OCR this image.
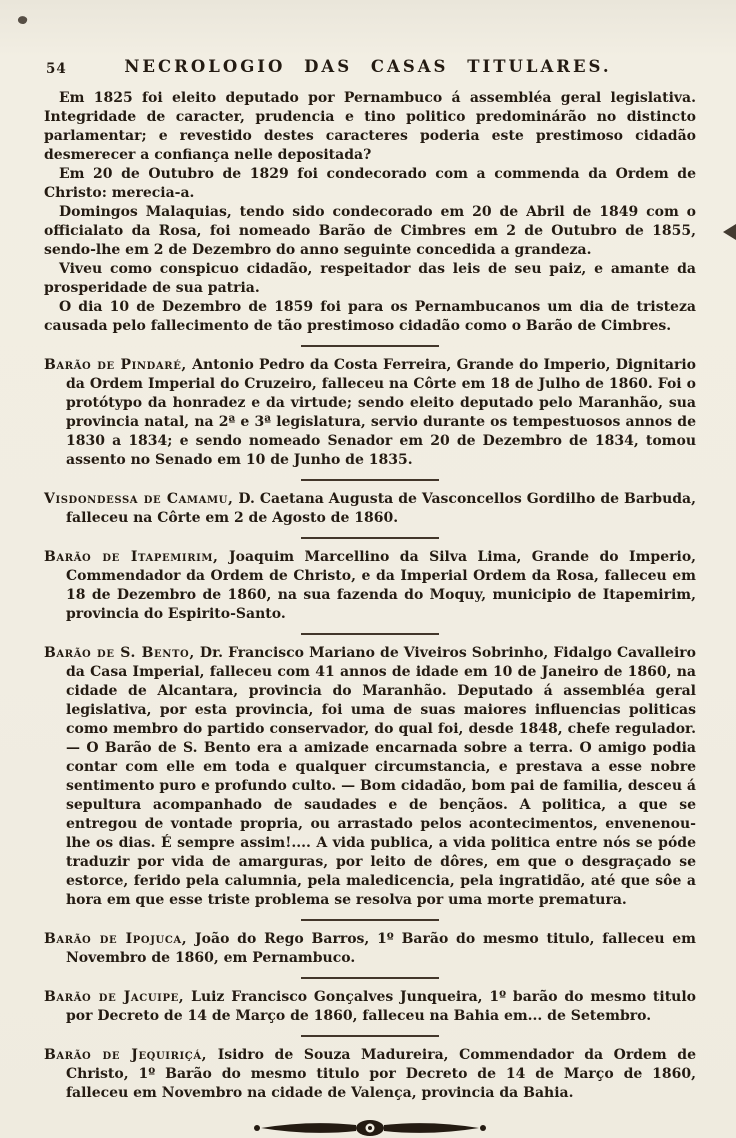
54	NECROLOGIO DAS CASAS TITULARES.

Em 1825 foi eleito deputado por Pernambuco á assembléa geral legislativa. Integridade de caracter, prudencia e tino politico predominárão no distincto parlamentar; e revestido destes caracteres poderia este prestimoso cidadão desmerecer a confiança nelle depositada?

Em 20 de Outubro de 1829 foi condecorado com a commenda da Ordem de Christo: merecia-a.

Domingos Malaquias, tendo sido condecorado em 20 de Abril de 1849 com o officialato da Rosa, foi nomeado Barão de Cimbres em 2 de Outubro de 1855, sendo-lhe em 2 de Dezembro do anno seguinte concedida a grandeza.

Viveu como conspicuo cidadão, respeitador das leis de seu paiz, e amante da prosperidade de sua patria.

O dia 10 de Dezembro de 1859 foi para os Pernambucanos um dia de tristeza causada pelo fallecimento de tão prestimoso cidadão como o Barão de Cimbres.

Barão de Pindaré, Antonio Pedro da Costa Ferreira, Grande do Imperio, Dignitario da Ordem Imperial do Cruzeiro, falleceu na Côrte em 18 de Julho de 1860. Foi o protótypo da honradez e da virtude; sendo eleito deputado pelo Maranhão, sua provincia natal, na 2ª e 3ª legislatura, servio durante os tempestuosos annos de 1830 a 1834; e sendo nomeado Senador em 20 de Dezembro de 1834, tomou assento no Senado em 10 de Junho de 1835.

Visdondessa de Camamu, D. Caetana Augusta de Vasconcellos Gordilho de Barbuda, falleceu na Côrte em 2 de Agosto de 1860.

Barão de Itapemirim, Joaquim Marcellino da Silva Lima, Grande do Imperio, Commendador da Ordem de Christo, e da Imperial Ordem da Rosa, falleceu em 18 de Dezembro de 1860, na sua fazenda do Moquy, municipio de Itapemirim, provincia do Espirito-Santo.

Barão de S. Bento, Dr. Francisco Mariano de Viveiros Sobrinho, Fidalgo Cavalleiro da Casa Imperial, falleceu com 41 annos de idade em 10 de Janeiro de 1860, na cidade de Alcantara, provincia do Maranhão. Deputado á assembléa geral legislativa, por esta provincia, foi uma de suas maiores influencias politicas como membro do partido conservador, do qual foi, desde 1848, chefe regulador. — O Barão de S. Bento era a amizade encarnada sobre a terra. O amigo podia contar com elle em toda e qualquer circumstancia, e prestava a esse nobre sentimento puro e profundo culto. — Bom cidadão, bom pai de familia, desceu á sepultura acompanhado de saudades e de bençãos. A politica, a que se entregou de vontade propria, ou arrastado pelos acontecimentos, envenenou-lhe os dias. É sempre assim!.... A vida publica, a vida politica entre nós se póde traduzir por vida de amarguras, por leito de dôres, em que o desgraçado se estorce, ferido pela calumnia, pela maledicencia, pela ingratidão, até que sôe a hora em que esse triste problema se resolva por uma morte prematura.

Barão de Ipojuca, João do Rego Barros, 1º Barão do mesmo titulo, falleceu em Novembro de 1860, em Pernambuco.

Barão de Jacuipe, Luiz Francisco Gonçalves Junqueira, 1º barão do mesmo titulo por Decreto de 14 de Março de 1860, falleceu na Bahia em... de Setembro.

Barão de Jequiriçá, Isidro de Souza Madureira, Commendador da Ordem de Christo, 1º Barão do mesmo titulo por Decreto de 14 de Março de 1860, falleceu em Novembro na cidade de Valença, provincia da Bahia.
